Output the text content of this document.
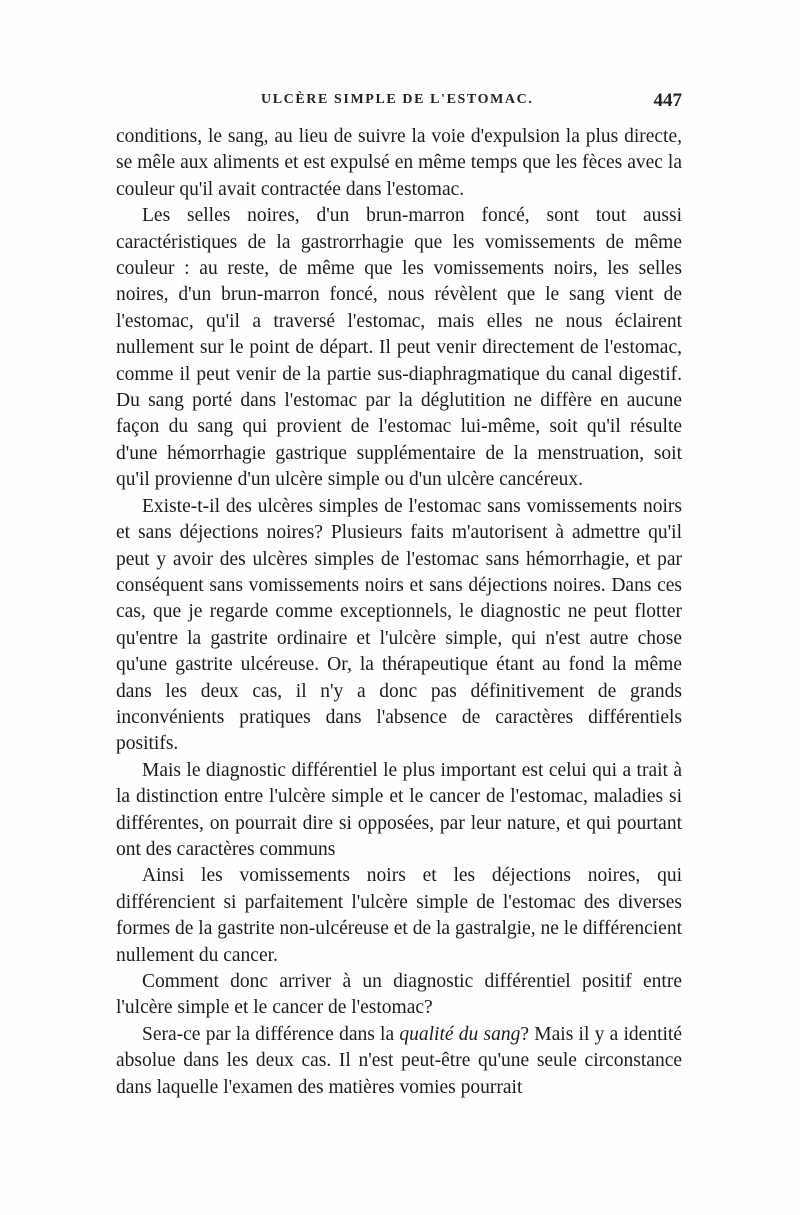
ULCÈRE SIMPLE DE L'ESTOMAC.	447

conditions, le sang, au lieu de suivre la voie d'expulsion la plus directe, se mêle aux aliments et est expulsé en même temps que les fèces avec la couleur qu'il avait contractée dans l'estomac.

Les selles noires, d'un brun-marron foncé, sont tout aussi caractéristiques de la gastrorrhagie que les vomissements de même couleur : au reste, de même que les vomissements noirs, les selles noires, d'un brun-marron foncé, nous révèlent que le sang vient de l'estomac, qu'il a traversé l'estomac, mais elles ne nous éclairent nullement sur le point de départ. Il peut venir directement de l'estomac, comme il peut venir de la partie sus-diaphragmatique du canal digestif. Du sang porté dans l'estomac par la déglutition ne diffère en aucune façon du sang qui provient de l'estomac lui-même, soit qu'il résulte d'une hémorrhagie gastrique supplémentaire de la menstruation, soit qu'il provienne d'un ulcère simple ou d'un ulcère cancéreux.

Existe-t-il des ulcères simples de l'estomac sans vomissements noirs et sans déjections noires? Plusieurs faits m'autorisent à admettre qu'il peut y avoir des ulcères simples de l'estomac sans hémorrhagie, et par conséquent sans vomissements noirs et sans déjections noires. Dans ces cas, que je regarde comme exceptionnels, le diagnostic ne peut flotter qu'entre la gastrite ordinaire et l'ulcère simple, qui n'est autre chose qu'une gastrite ulcéreuse. Or, la thérapeutique étant au fond la même dans les deux cas, il n'y a donc pas définitivement de grands inconvénients pratiques dans l'absence de caractères différentiels positifs.

Mais le diagnostic différentiel le plus important est celui qui a trait à la distinction entre l'ulcère simple et le cancer de l'estomac, maladies si différentes, on pourrait dire si opposées, par leur nature, et qui pourtant ont des caractères communs

Ainsi les vomissements noirs et les déjections noires, qui différencient si parfaitement l'ulcère simple de l'estomac des diverses formes de la gastrite non-ulcéreuse et de la gastralgie, ne le différencient nullement du cancer.

Comment donc arriver à un diagnostic différentiel positif entre l'ulcère simple et le cancer de l'estomac?

Sera-ce par la différence dans la qualité du sang? Mais il y a identité absolue dans les deux cas. Il n'est peut-être qu'une seule circonstance dans laquelle l'examen des matières vomies pourrait
